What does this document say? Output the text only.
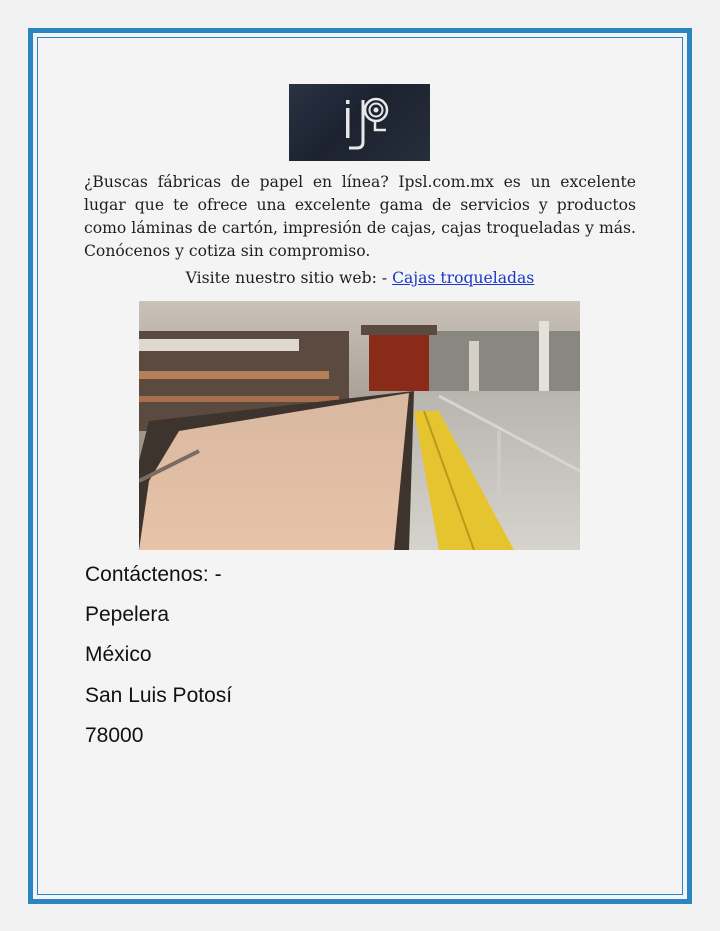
¿Buscas fábricas de papel en línea? Ipsl.com.mx es un excelente lugar que te ofrece una excelente gama de servicios y productos como láminas de cartón, impresión de cajas, cajas troqueladas y más. Conócenos y cotiza sin compromiso.

Visite nuestro sitio web: - Cajas troqueladas
Contáctenos: -
Pepelera
México
San Luis Potosí
78000
